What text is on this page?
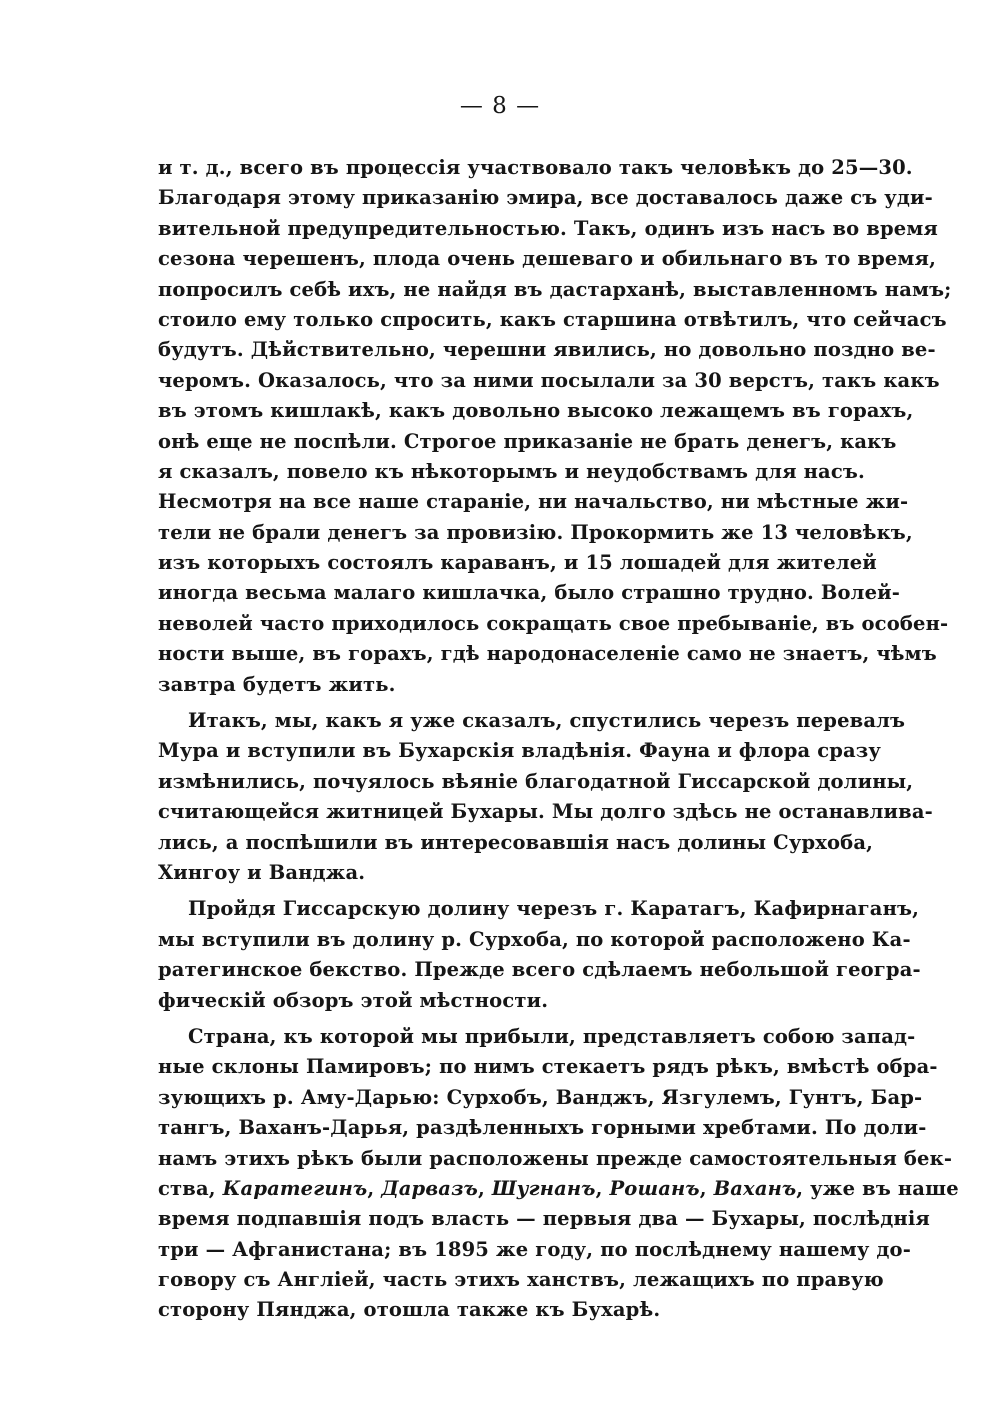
— 8 —
и т. д., всего въ процессія участвовало такъ человѣкъ до 25—30.
Благодаря этому приказанію эмира, все доставалось даже съ уди-
вительной предупредительностью. Такъ, одинъ изъ насъ во время
сезона черешенъ, плода очень дешеваго и обильнаго въ то время,
попросилъ себѣ ихъ, не найдя въ дастарханѣ, выставленномъ намъ;
стоило ему только спросить, какъ старшина отвѣтилъ, что сейчасъ
будутъ. Дѣйствительно, черешни явились, но довольно поздно ве-
черомъ. Оказалось, что за ними посылали за 30 верстъ, такъ какъ
въ этомъ кишлакѣ, какъ довольно высоко лежащемъ въ горахъ,
онѣ еще не поспѣли. Строгое приказаніе не брать денегъ, какъ
я сказалъ, повело къ нѣкоторымъ и неудобствамъ для насъ.
Несмотря на все наше стараніе, ни начальство, ни мѣстные жи-
тели не брали денегъ за провизію. Прокормить же 13 человѣкъ,
изъ которыхъ состоялъ караванъ, и 15 лошадей для жителей
иногда весьма малаго кишлачка, было страшно трудно. Волей-
неволей часто приходилось сокращать свое пребываніе, въ особен-
ности выше, въ горахъ, гдѣ народонаселеніе само не знаетъ, чѣмъ
завтра будетъ жить.
Итакъ, мы, какъ я уже сказалъ, спустились черезъ перевалъ
Мура и вступили въ Бухарскія владѣнія. Фауна и флора сразу
измѣнились, почуялось вѣяніе благодатной Гиссарской долины,
считающейся житницей Бухары. Мы долго здѣсь не останавлива-
лись, а поспѣшили въ интересовавшія насъ долины Сурхоба,
Хингоу и Ванджа.
Пройдя Гиссарскую долину черезъ г. Каратагъ, Кафирнаганъ,
мы вступили въ долину р. Сурхоба, по которой расположено Ка-
ратегинское бекство. Прежде всего сдѣлаемъ небольшой геогра-
фическій обзоръ этой мѣстности.
Страна, къ которой мы прибыли, представляетъ собою запад-
ные склоны Памировъ; по нимъ стекаетъ рядъ рѣкъ, вмѣстѣ обра-
зующихъ р. Аму-Дарью: Сурхобъ, Ванджъ, Язгулемъ, Гунтъ, Бар-
тангъ, Ваханъ-Дарья, раздѣленныхъ горными хребтами. По доли-
намъ этихъ рѣкъ были расположены прежде самостоятельныя бек-
ства, Каратегинъ, Дарвазъ, Шугнанъ, Рошанъ, Ваханъ, уже въ наше
время подпавшія подъ власть — первыя два — Бухары, послѣднія
три — Афганистана; въ 1895 же году, по послѣднему нашему до-
говору съ Англіей, часть этихъ ханствъ, лежащихъ по правую
сторону Пянджа, отошла также къ Бухарѣ.
